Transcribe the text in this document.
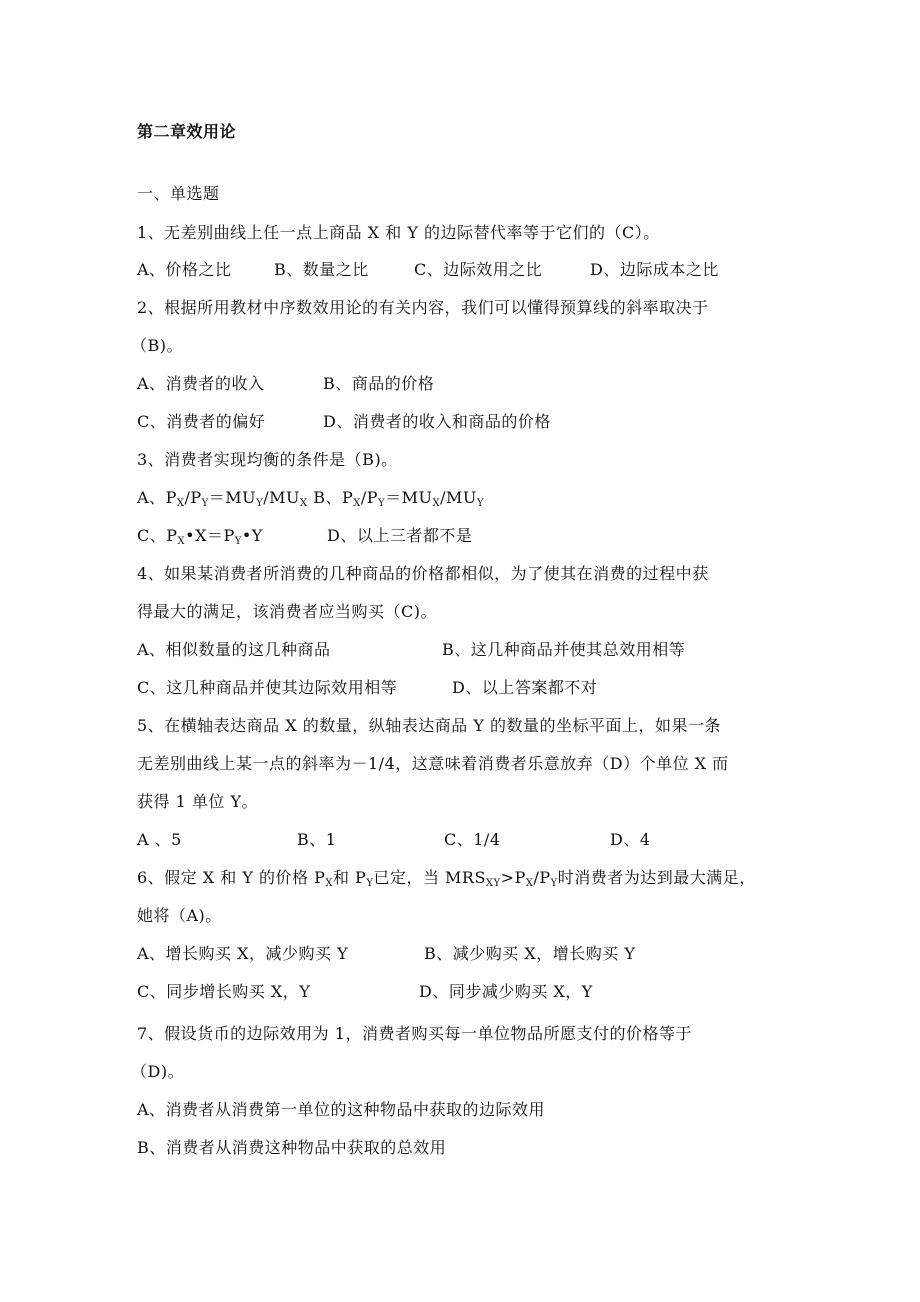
第二章效用论
一、单选题
1、无差别曲线上任一点上商品 X 和 Y 的边际替代率等于它们的（C）。
A、价格之比	B、数量之比	C、边际效用之比	D、边际成本之比
2、根据所用教材中序数效用论的有关内容，我们可以懂得预算线的斜率取决于
（B)。
A、消费者的收入	B、商品的价格
C、消费者的偏好	D、消费者的收入和商品的价格
3、消费者实现均衡的条件是（B)。
A、$P_X/P_Y=MU_Y/MU_X$ B、$P_X/P_Y=MU_X/MU_Y$
C、$P_X•X=P_Y•Y$	D、以上三者都不是
4、如果某消费者所消费的几种商品的价格都相似，为了使其在消费的过程中获
得最大的满足，该消费者应当购买（C)。
A、相似数量的这几种商品	B、这几种商品并使其总效用相等
C、这几种商品并使其边际效用相等	D、以上答案都不对
5、在横轴表达商品 X 的数量，纵轴表达商品 Y 的数量的坐标平面上，如果一条
无差别曲线上某一点的斜率为－1/4，这意味着消费者乐意放弃（D）个单位 X 而
获得 1 单位 Y。
A 、5	B、1	C、1/4	D、4
6、假定 X 和 Y 的价格 $P_X$和 $P_Y$已定，当 $MRS_{XY}>P_X/P_Y$时消费者为达到最大满足，
她将（A)。
A、增长购买 X，减少购买 Y	B、减少购买 X，增长购买 Y
C、同步增长购买 X，Y	D、同步减少购买 X，Y
7、假设货币的边际效用为 1，消费者购买每一单位物品所愿支付的价格等于
（D)。
A、消费者从消费第一单位的这种物品中获取的边际效用
B、消费者从消费这种物品中获取的总效用
